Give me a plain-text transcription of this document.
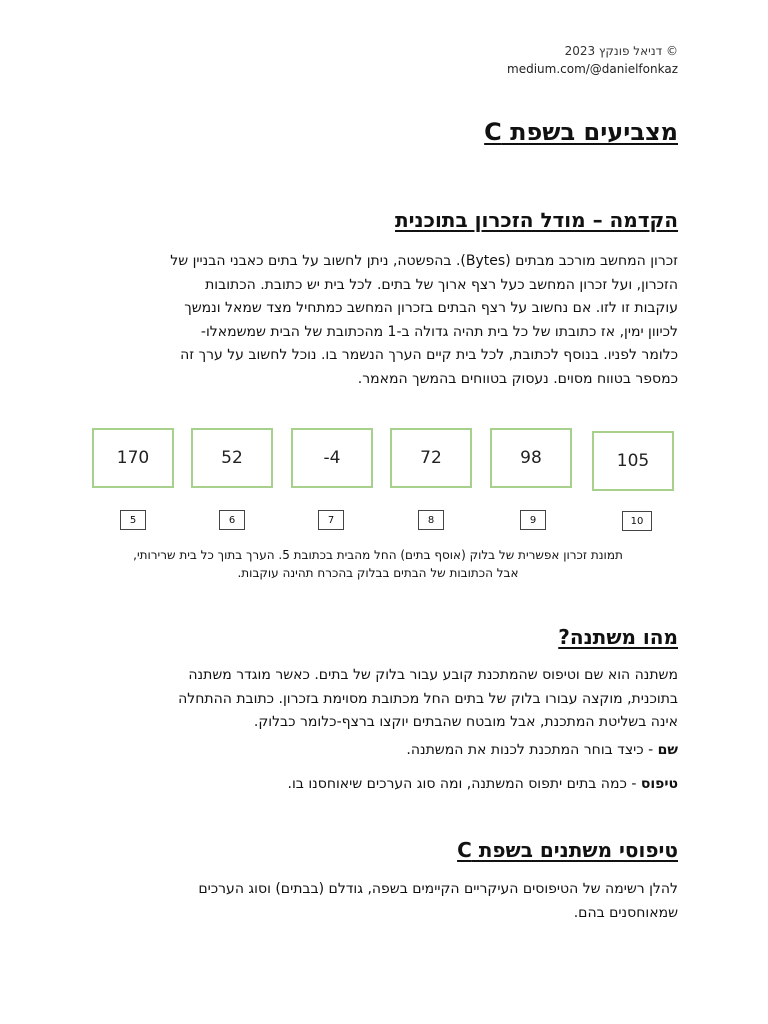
© דניאל פונקץ 2023
medium.com/@danielfonkaz
מצביעים בשפת C
הקדמה – מודל הזכרון בתוכנית
זכרון המחשב מורכב מבתים (Bytes). בהפשטה, ניתן לחשוב על בתים כאבני הבניין של
הזכרון, ועל זכרון המחשב כעל רצף ארוך של בתים. לכל בית יש כתובת. הכתובות
עוקבות זו לזו. אם נחשוב על רצף הבתים בזכרון המחשב כמתחיל מצד שמאל ונמשך
לכיוון ימין, אז כתובתו של כל בית תהיה גדולה ב-1 מהכתובת של הבית שמשמאלו-
כלומר לפניו. בנוסף לכתובת, לכל בית קיים הערך הנשמר בו. נוכל לחשוב על ערך זה
כמספר בטווח מסוים. נעסוק בטווחים בהמשך המאמר.
170	52	-4	72	98	105
5	6	7	8	9	10
תמונת זכרון אפשרית של בלוק (אוסף בתים) החל מהבית בכתובת 5. הערך בתוך כל בית שרירותי,
אבל הכתובות של הבתים בבלוק בהכרח תהינה עוקבות.
מהו משתנה?
משתנה הוא שם וטיפוס שהמתכנת קובע עבור בלוק של בתים. כאשר מוגדר משתנה
בתוכנית, מוקצה עבורו בלוק של בתים החל מכתובת מסוימת בזכרון. כתובת ההתחלה
אינה בשליטת המתכנת, אבל מובטח שהבתים יוקצו ברצף-כלומר כבלוק.
שם - כיצד בוחר המתכנת לכנות את המשתנה.
טיפוס - כמה בתים יתפוס המשתנה, ומה סוג הערכים שיאוחסנו בו.
טיפוסי משתנים בשפת C
להלן רשימה של הטיפוסים העיקריים הקיימים בשפה, גודלם (בבתים) וסוג הערכים
שמאוחסנים בהם.
